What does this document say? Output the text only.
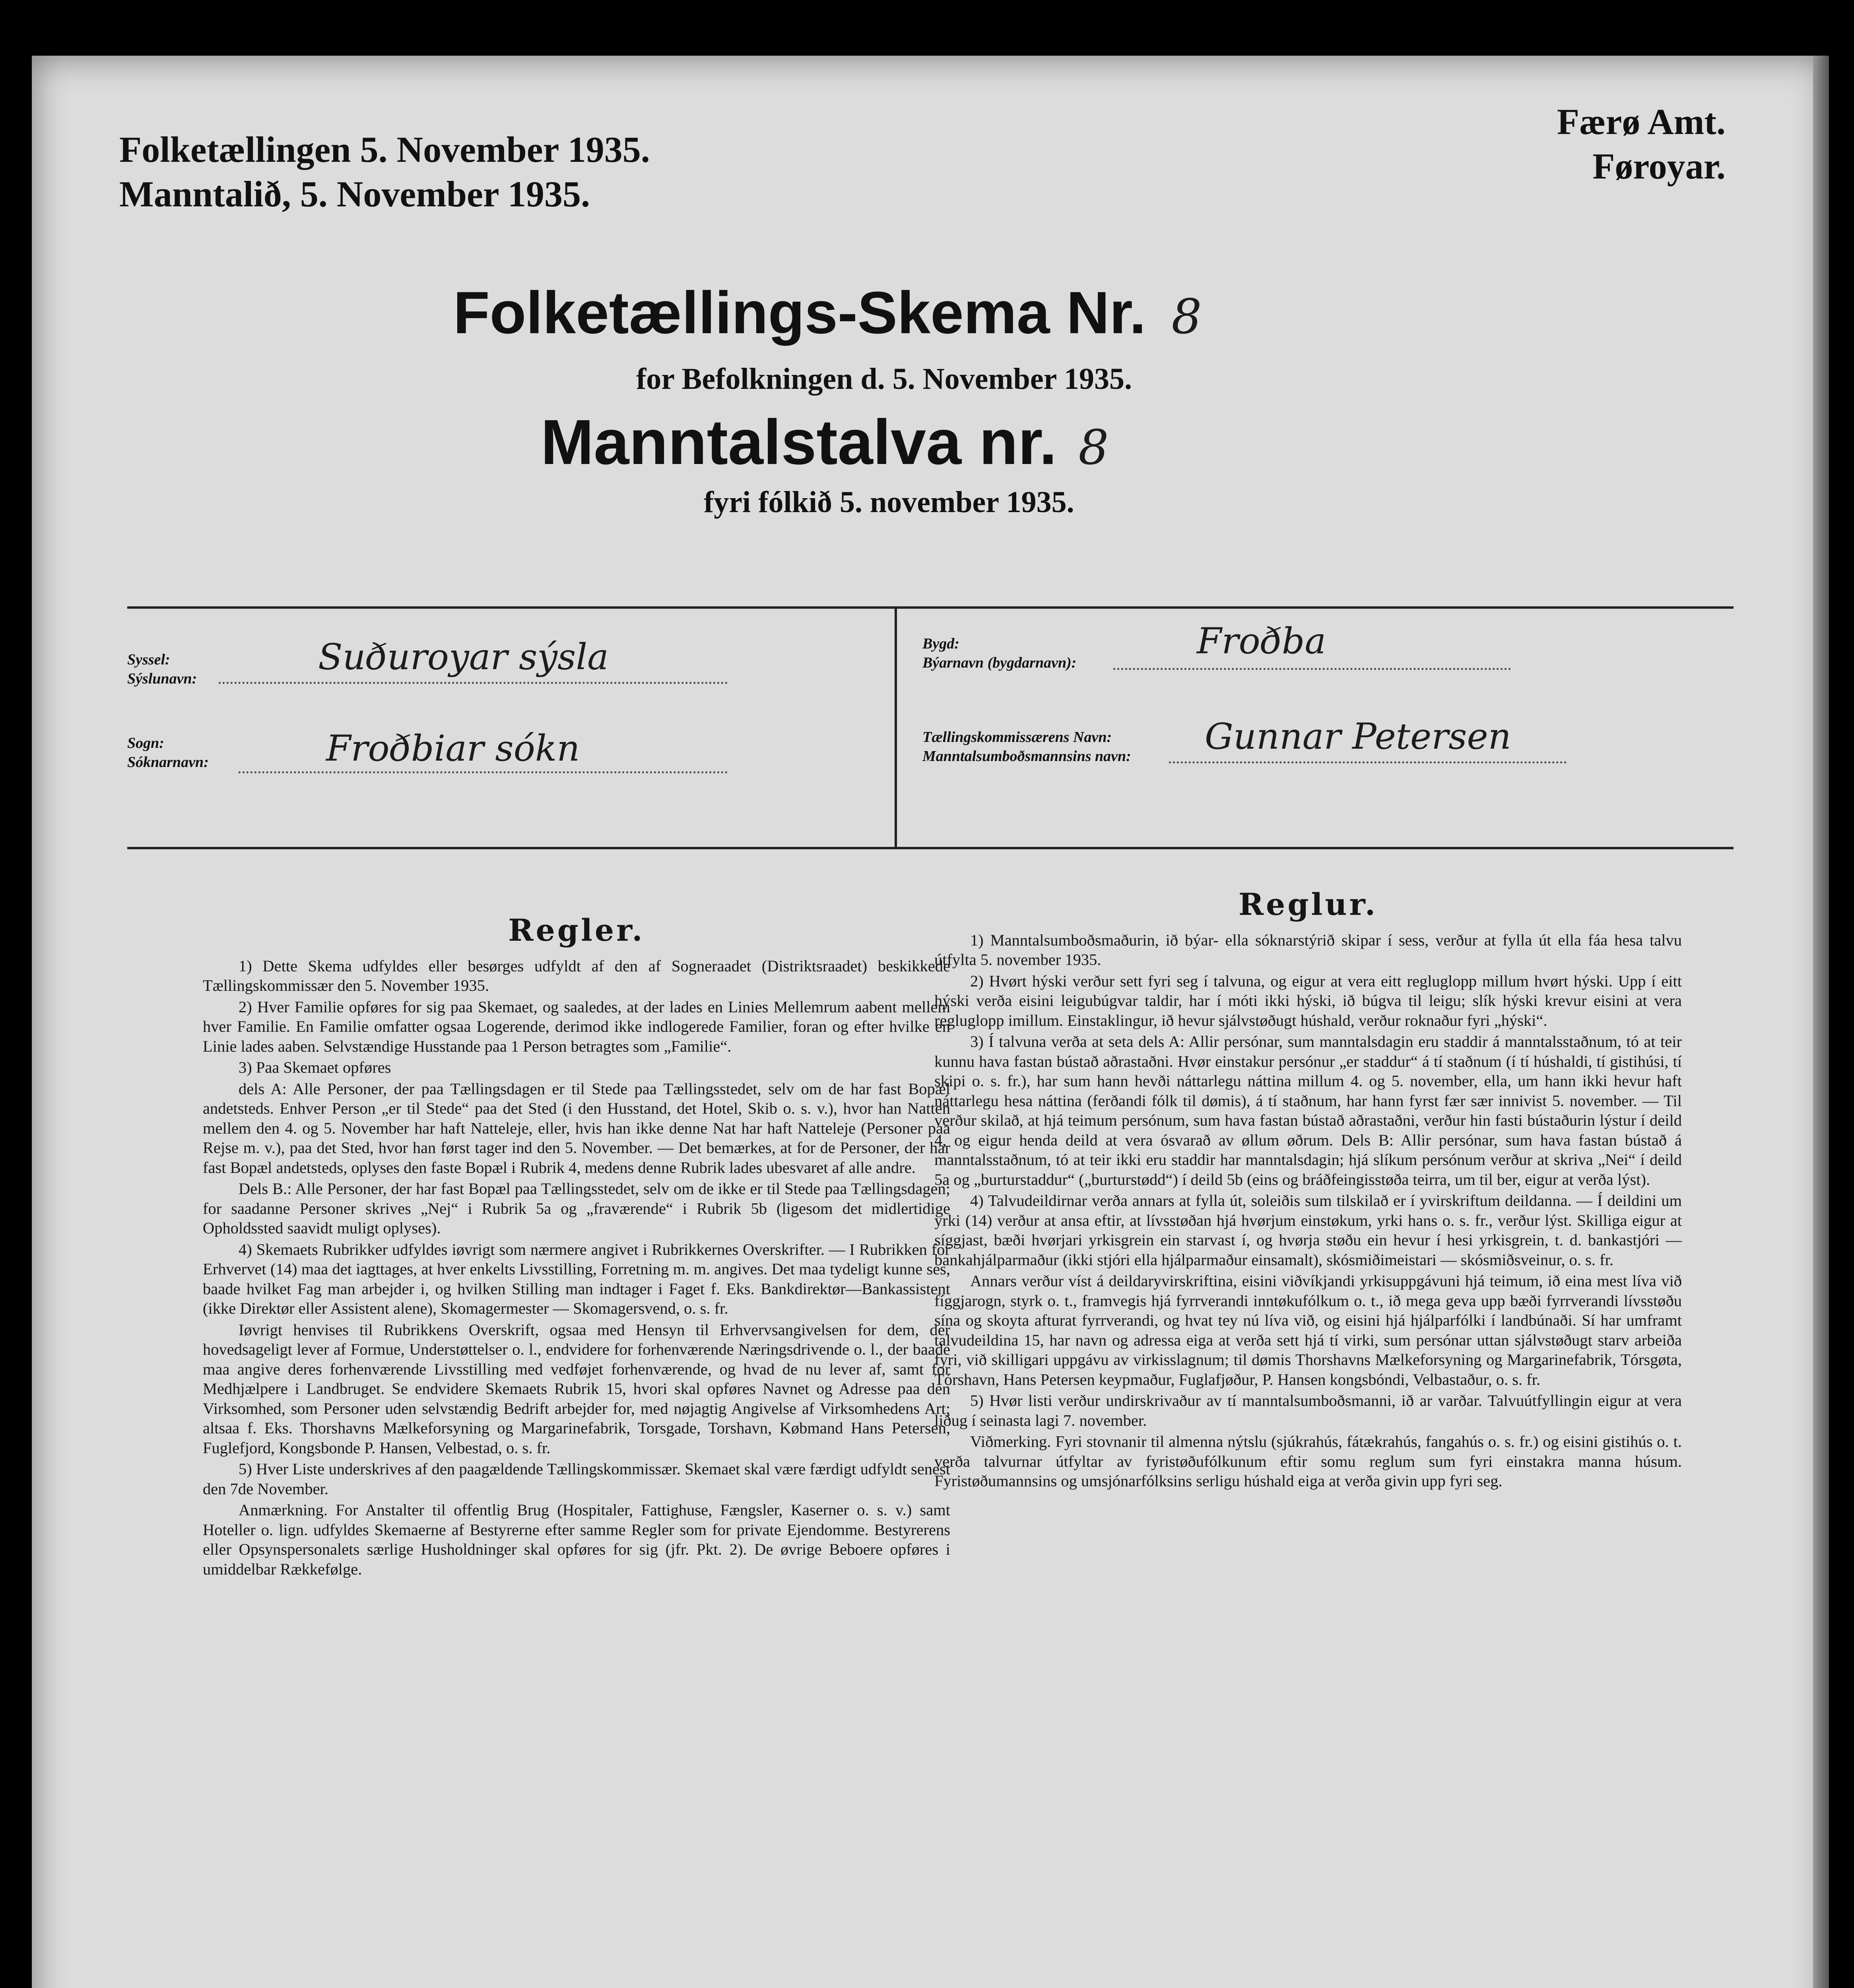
Folketællingen 5. November 1935.
Manntalið, 5. November 1935.
Færø Amt.
Føroyar.
Folketællings-Skema Nr. 8
for Befolkningen d. 5. November 1935.
Manntalstalva nr. 8
fyri fólkið 5. november 1935.
Syssel:
Sýslunavn:
Suðuroyar sýsla
Sogn:
Sóknarnavn:	Froðbiar sókn
Bygd:
Býarnavn (bygdarnavn):
Froðba
Tællingskommissærens Navn:
Manntalsumboðsmannsins navn: Gunnar Petersen
Regler.

1) Dette Skema udfyldes eller besørges udfyldt af den af Sogneraadet (Distriktsraadet) beskikkede Tællingskommissær den 5. November 1935.

2) Hver Familie opføres for sig paa Skemaet, og saaledes, at der lades en Linies Mellemrum aabent mellem hver Familie. En Familie omfatter ogsaa Logerende, derimod ikke indlogerede Familier, foran og efter hvilke en Linie lades aaben. Selvstændige Husstande paa 1 Person betragtes som „Familie“.

3) Paa Skemaet opføres

dels A: Alle Personer, der paa Tællingsdagen er til Stede paa Tællingsstedet, selv om de har fast Bopæl andetsteds. Enhver Person „er til Stede“ paa det Sted (i den Husstand, det Hotel, Skib o. s. v.), hvor han Natten mellem den 4. og 5. November har haft Natteleje, eller, hvis han ikke denne Nat har haft Natteleje (Personer paa Rejse m. v.), paa det Sted, hvor han først tager ind den 5. November. — Det bemærkes, at for de Personer, der har fast Bopæl andetsteds, oplyses den faste Bopæl i Rubrik 4, medens denne Rubrik lades ubesvaret af alle andre.

Dels B.: Alle Personer, der har fast Bopæl paa Tællingsstedet, selv om de ikke er til Stede paa Tællingsdagen; for saadanne Personer skrives „Nej“ i Rubrik 5a og „fraværende“ i Rubrik 5b (ligesom det midlertidige Opholdssted saavidt muligt oplyses).

4) Skemaets Rubrikker udfyldes iøvrigt som nærmere angivet i Rubrikkernes Overskrifter. — I Rubrikken for Erhvervet (14) maa det iagttages, at hver enkelts Livsstilling, Forretning m. m. angives. Det maa tydeligt kunne ses, baade hvilket Fag man arbejder i, og hvilken Stilling man indtager i Faget f. Eks. Bankdirektør—Bankassistent (ikke Direktør eller Assistent alene), Skomagermester — Skomagersvend, o. s. fr.

Iøvrigt henvises til Rubrikkens Overskrift, ogsaa med Hensyn til Erhvervsangivelsen for dem, der hovedsageligt lever af Formue, Understøttelser o. l., endvidere for forhenværende Næringsdrivende o. l., der baade maa angive deres forhenværende Livsstilling med vedføjet forhenværende, og hvad de nu lever af, samt for Medhjælpere i Landbruget. Se endvidere Skemaets Rubrik 15, hvori skal opføres Navnet og Adresse paa den Virksomhed, som Personer uden selvstændig Bedrift arbejder for, med nøjagtig Angivelse af Virksomhedens Art; altsaa f. Eks. Thorshavns Mælkeforsyning og Margarinefabrik, Torsgade, Torshavn, Købmand Hans Petersen, Fuglefjord, Kongsbonde P. Hansen, Velbestad, o. s. fr.

5) Hver Liste underskrives af den paagældende Tællingskommissær. Skemaet skal være færdigt udfyldt senest den 7de November.

Anmærkning. For Anstalter til offentlig Brug (Hospitaler, Fattighuse, Fængsler, Kaserner o. s. v.) samt Hoteller o. lign. udfyldes Skemaerne af Bestyrerne efter samme Regler som for private Ejendomme. Bestyrerens eller Opsynspersonalets særlige Husholdninger skal opføres for sig (jfr. Pkt. 2). De øvrige Beboere opføres i umiddelbar Rækkefølge.

Reglur.

1) Manntalsumboðsmaðurin, ið býar- ella sóknarstýrið skipar í sess, verður at fylla út ella fáa hesa talvu útfylta 5. november 1935.

2) Hvørt hýski verður sett fyri seg í talvuna, og eigur at vera eitt regluglopp millum hvørt hýski. Upp í eitt hýski verða eisini leigubúgvar taldir, har í móti ikki hýski, ið búgva til leigu; slík hýski krevur eisini at vera regluglopp imillum. Einstaklingur, ið hevur sjálvstøðugt húshald, verður roknaður fyri „hýski“.

3) Í talvuna verða at seta dels A: Allir persónar, sum manntalsdagin eru staddir á manntalsstaðnum, tó at teir kunnu hava fastan bústað aðrastaðni. Hvør einstakur persónur „er staddur“ á tí staðnum (í tí húshaldi, tí gistihúsi, tí skipi o. s. fr.), har sum hann hevði náttarlegu náttina millum 4. og 5. november, ella, um hann ikki hevur haft náttarlegu hesa náttina (ferðandi fólk til dømis), á tí staðnum, har hann fyrst fær sær innivist 5. november. — Til verður skilað, at hjá teimum persónum, sum hava fastan bústað aðrastaðni, verður hin fasti bústaðurin lýstur í deild 4, og eigur henda deild at vera ósvarað av øllum øðrum. Dels B: Allir persónar, sum hava fastan bústað á manntalsstaðnum, tó at teir ikki eru staddir har manntalsdagin; hjá slíkum persónum verður at skriva „Nei“ í deild 5a og „burturstaddur“ („burturstødd“) í deild 5b (eins og bráðfeingisstøða teirra, um til ber, eigur at verða lýst).

4) Talvudeildirnar verða annars at fylla út, soleiðis sum tilskilað er í yvirskriftum deildanna. — Í deildini um yrki (14) verður at ansa eftir, at lívsstøðan hjá hvørjum einstøkum, yrki hans o. s. fr., verður lýst. Skilliga eigur at síggjast, bæði hvørjari yrkisgrein ein starvast í, og hvørja støðu ein hevur í hesi yrkisgrein, t. d. bankastjóri — bankahjálparmaður (ikki stjóri ella hjálparmaður einsamalt), skósmiðimeistari — skósmiðsveinur, o. s. fr.

Annars verður víst á deildaryvirskriftina, eisini viðvíkjandi yrkisuppgávuni hjá teimum, ið eina mest líva við fíggjarogn, styrk o. t., framvegis hjá fyrrverandi inntøkufólkum o. t., ið mega geva upp bæði fyrrverandi lívsstøðu sína og skoyta afturat fyrrverandi, og hvat tey nú líva við, og eisini hjá hjálparfólki í landbúnaði. Sí har umframt talvudeildina 15, har navn og adressa eiga at verða sett hjá tí virki, sum persónar uttan sjálvstøðugt starv arbeiða fyri, við skilligari uppgávu av virkisslagnum; til dømis Thorshavns Mælkeforsyning og Margarinefabrik, Tórsgøta, Tórshavn, Hans Petersen keypmaður, Fuglafjøður, P. Hansen kongsbóndi, Velbastaður, o. s. fr.

5) Hvør listi verður undirskrivaður av tí manntalsumboðsmanni, ið ar varðar. Talvuútfyllingin eigur at vera liðug í seinasta lagi 7. november.

Viðmerking. Fyri stovnanir til almenna nýtslu (sjúkrahús, fátækrahús, fangahús o. s. fr.) og eisini gistihús o. t. verða talvurnar útfyltar av fyristøðufólkunum eftir somu reglum sum fyri einstakra manna húsum. Fyristøðumannsins og umsjónarfólksins serligu húshald eiga at verða givin upp fyri seg.
